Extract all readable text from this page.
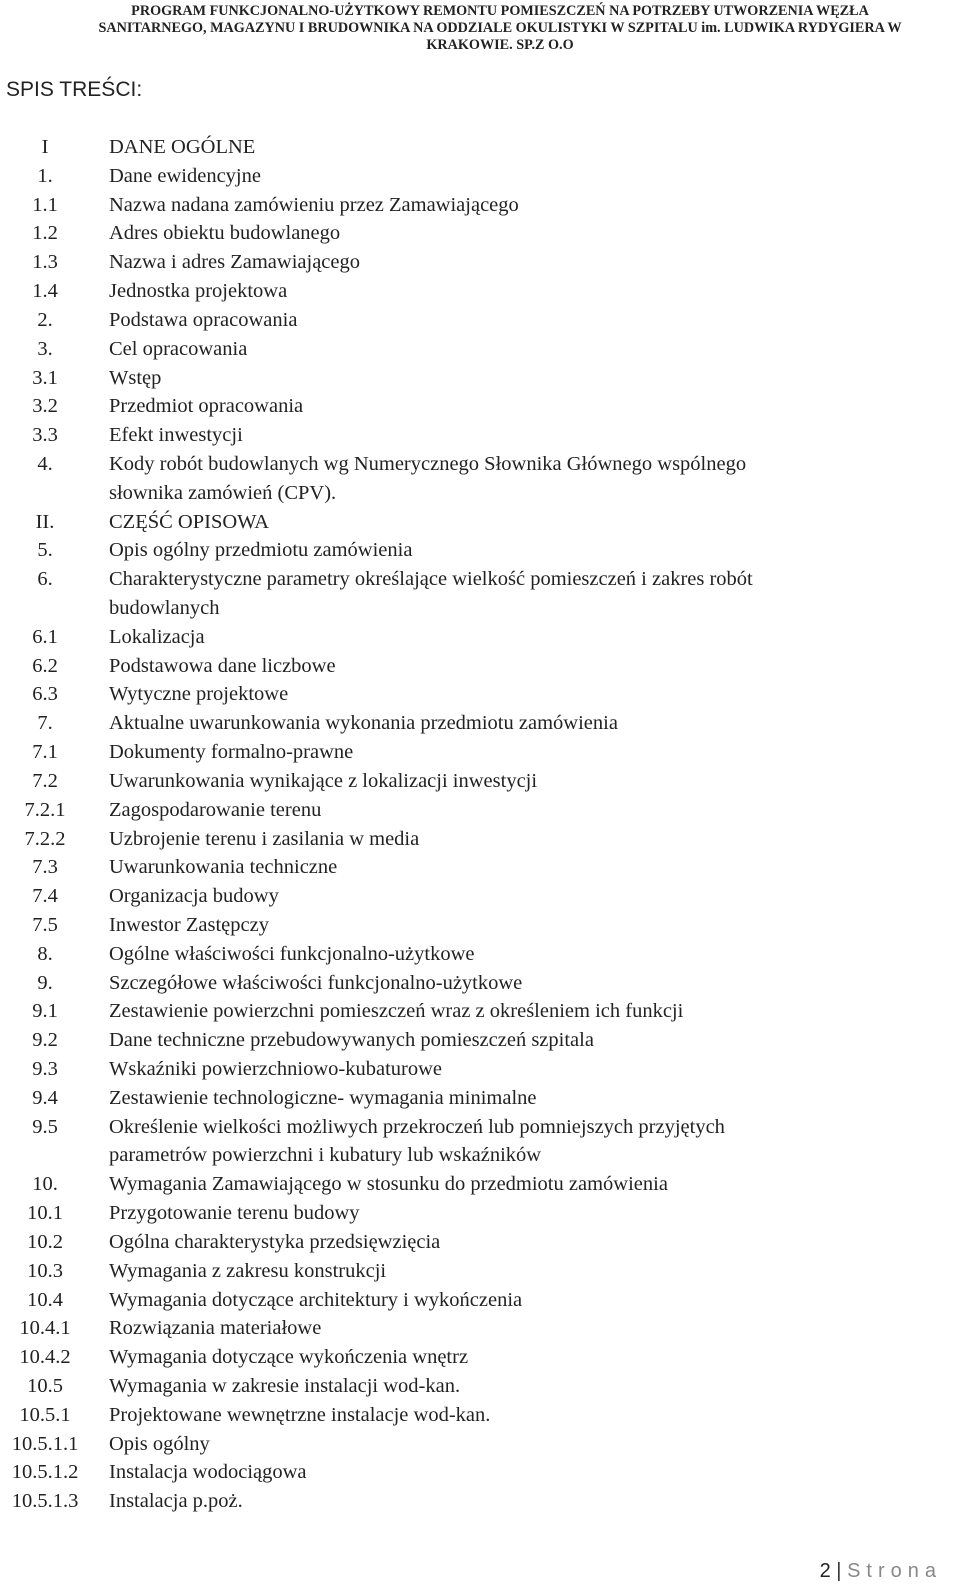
PROGRAM FUNKCJONALNO-UŻYTKOWY REMONTU POMIESZCZEŃ NA POTRZEBY UTWORZENIA WĘZŁA
SANITARNEGO, MAGAZYNU I BRUDOWNIKA NA ODDZIALE OKULISTYKI W SZPITALU im. LUDWIKA RYDYGIERA W
KRAKOWIE. SP.Z O.O
SPIS TREŚCI:
I	DANE OGÓLNE
1.	Dane ewidencyjne
1.1	Nazwa nadana zamówieniu przez Zamawiającego
1.2	Adres obiektu budowlanego
1.3	Nazwa i adres Zamawiającego
1.4	Jednostka projektowa
2.	Podstawa opracowania
3.	Cel opracowania
3.1	Wstęp
3.2	Przedmiot opracowania
3.3	Efekt inwestycji
4.	Kody robót budowlanych wg Numerycznego Słownika Głównego wspólnego słownika zamówień (CPV).
II.	CZĘŚĆ OPISOWA
5.	Opis ogólny przedmiotu zamówienia
6.	Charakterystyczne parametry określające wielkość pomieszczeń i zakres robót budowlanych
6.1	Lokalizacja
6.2	Podstawowa dane liczbowe
6.3	Wytyczne projektowe
7.	Aktualne uwarunkowania wykonania przedmiotu zamówienia
7.1	Dokumenty formalno-prawne
7.2	Uwarunkowania wynikające z lokalizacji inwestycji
7.2.1	Zagospodarowanie terenu
7.2.2	Uzbrojenie terenu i zasilania w media
7.3	Uwarunkowania techniczne
7.4	Organizacja budowy
7.5	Inwestor Zastępczy
8.	Ogólne właściwości funkcjonalno-użytkowe
9.	Szczegółowe właściwości funkcjonalno-użytkowe
9.1	Zestawienie powierzchni pomieszczeń wraz z określeniem ich funkcji
9.2	Dane techniczne przebudowywanych pomieszczeń szpitala
9.3	Wskaźniki powierzchniowo-kubaturowe
9.4	Zestawienie technologiczne- wymagania minimalne
9.5	Określenie wielkości możliwych przekroczeń lub pomniejszych przyjętych parametrów powierzchni i kubatury lub wskaźników
10.	Wymagania Zamawiającego w stosunku do przedmiotu zamówienia
10.1	Przygotowanie terenu budowy
10.2	Ogólna charakterystyka przedsięwzięcia
10.3	Wymagania z zakresu konstrukcji
10.4	Wymagania dotyczące architektury i wykończenia
10.4.1	Rozwiązania materiałowe
10.4.2	Wymagania dotyczące wykończenia wnętrz
10.5	Wymagania w zakresie instalacji wod-kan.
10.5.1	Projektowane wewnętrzne instalacje wod-kan.
10.5.1.1	Opis ogólny
10.5.1.2	Instalacja wodociągowa
10.5.1.3	Instalacja p.poż.
2 | Strona
